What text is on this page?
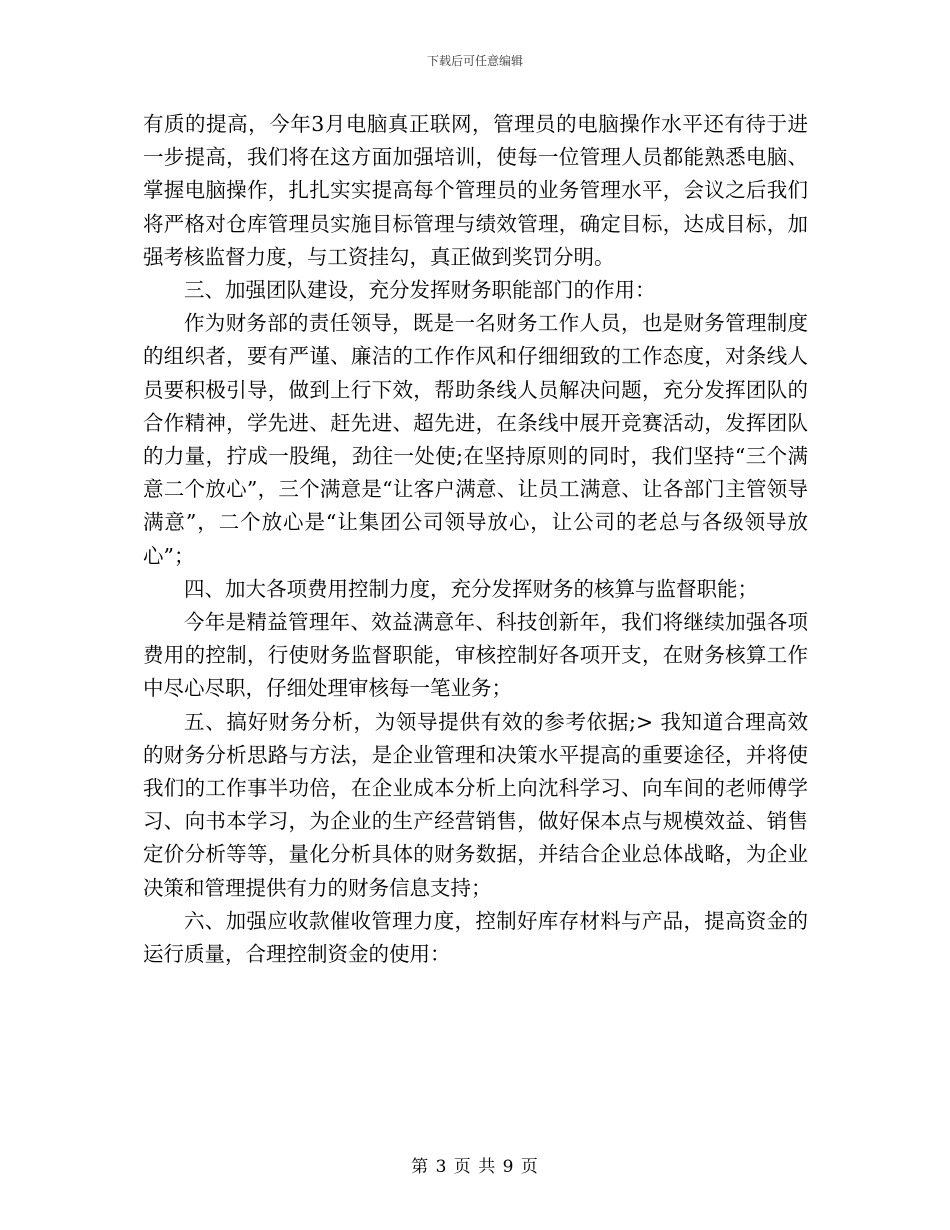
下载后可任意编辑

有质的提高，今年3月电脑真正联网，管理员的电脑操作水平还有待于进一步提高，我们将在这方面加强培训，使每一位管理人员都能熟悉电脑、掌握电脑操作，扎扎实实提高每个管理员的业务管理水平，会议之后我们将严格对仓库管理员实施目标管理与绩效管理，确定目标，达成目标，加强考核监督力度，与工资挂勾，真正做到奖罚分明。

三、加强团队建设，充分发挥财务职能部门的作用：

作为财务部的责任领导，既是一名财务工作人员，也是财务管理制度的组织者，要有严谨、廉洁的工作作风和仔细细致的工作态度，对条线人员要积极引导，做到上行下效，帮助条线人员解决问题，充分发挥团队的合作精神，学先进、赶先进、超先进，在条线中展开竞赛活动，发挥团队的力量，拧成一股绳，劲往一处使;在坚持原则的同时，我们坚持“三个满意二个放心”，三个满意是“让客户满意、让员工满意、让各部门主管领导满意”，二个放心是“让集团公司领导放心，让公司的老总与各级领导放心”；

四、加大各项费用控制力度，充分发挥财务的核算与监督职能；

今年是精益管理年、效益满意年、科技创新年，我们将继续加强各项费用的控制，行使财务监督职能，审核控制好各项开支，在财务核算工作中尽心尽职，仔细处理审核每一笔业务；

五、搞好财务分析，为领导提供有效的参考依据;> 我知道合理高效的财务分析思路与方法，是企业管理和决策水平提高的重要途径，并将使我们的工作事半功倍，在企业成本分析上向沈科学习、向车间的老师傅学习、向书本学习，为企业的生产经营销售，做好保本点与规模效益、销售定价分析等等，量化分析具体的财务数据，并结合企业总体战略，为企业决策和管理提供有力的财务信息支持；

六、加强应收款催收管理力度，控制好库存材料与产品，提高资金的运行质量，合理控制资金的使用：

第 3 页 共 9 页
